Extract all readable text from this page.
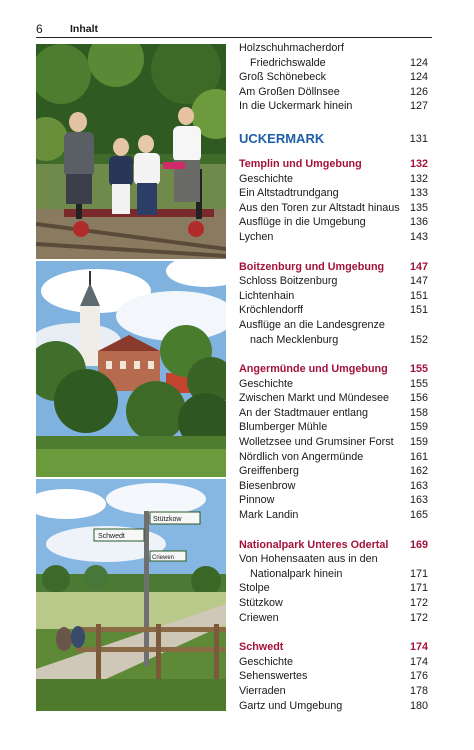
6	Inhalt
Stützkow
Schwedt
Criewen
Holzschuhmacherdorf
Friedrichswalde	124
Groß Schönebeck	124
Am Großen Döllnsee	126
In die Uckermark hinein	127
UCKERMARK	131
Templin und Umgebung	132
Geschichte	132
Ein Altstadtrundgang	133
Aus den Toren zur Altstadt hinaus 135
Ausflüge in die Umgebung	136
Lychen	143
Boitzenburg und Umgebung 147
Schloss Boitzenburg	147
Lichtenhain	151
Kröchlendorff	151
Ausflüge an die Landesgrenze
nach Mecklenburg	152
Angermünde und Umgebung 155
Geschichte	155
Zwischen Markt und Mündesee 156
An der Stadtmauer entlang	158
Blumberger Mühle	159
Wolletzsee und Grumsiner Forst 159
Nördlich von Angermünde	161
Greiffenberg	162
Biesenbrow	163
Pinnow	163
Mark Landin	165
Nationalpark Unteres Odertal 169
Von Hohensaaten aus in den
Nationalpark hinein	171
Stolpe	171
Stützkow	172
Criewen	172
Schwedt	174
Geschichte	174
Sehenswertes	176
Vierraden	178
Gartz und Umgebung	180
